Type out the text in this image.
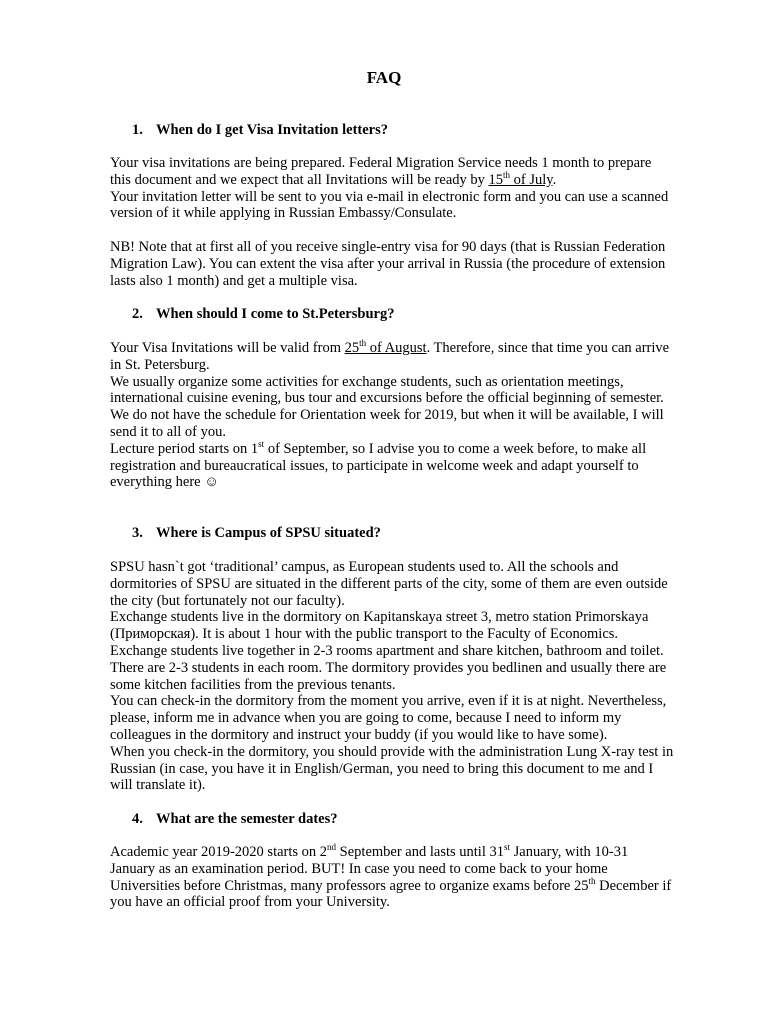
FAQ
1. When do I get Visa Invitation letters?
Your visa invitations are being prepared. Federal Migration Service needs 1 month to prepare
this document and we expect that all Invitations will be ready by 15th of July.
Your invitation letter will be sent to you via e-mail in electronic form and you can use a scanned
version of it while applying in Russian Embassy/Consulate.
NB! Note that at first all of you receive single-entry visa for 90 days (that is Russian Federation
Migration Law). You can extent the visa after your arrival in Russia (the procedure of extension
lasts also 1 month) and get a multiple visa.
2. When should I come to St.Petersburg?
Your Visa Invitations will be valid from 25th of August. Therefore, since that time you can arrive
in St. Petersburg.
We usually organize some activities for exchange students, such as orientation meetings,
international cuisine evening, bus tour and excursions before the official beginning of semester.
We do not have the schedule for Orientation week for 2019, but when it will be available, I will
send it to all of you.
Lecture period starts on 1st of September, so I advise you to come a week before, to make all
registration and bureaucratical issues, to participate in welcome week and adapt yourself to
everything here ☺
3. Where is Campus of SPSU situated?
SPSU hasn`t got ‘traditional’ campus, as European students used to. All the schools and
dormitories of SPSU are situated in the different parts of the city, some of them are even outside
the city (but fortunately not our faculty).
Exchange students live in the dormitory on Kapitanskaya street 3, metro station Primorskaya
(Приморская). It is about 1 hour with the public transport to the Faculty of Economics.
Exchange students live together in 2-3 rooms apartment and share kitchen, bathroom and toilet.
There are 2-3 students in each room. The dormitory provides you bedlinen and usually there are
some kitchen facilities from the previous tenants.
You can check-in the dormitory from the moment you arrive, even if it is at night. Nevertheless,
please, inform me in advance when you are going to come, because I need to inform my
colleagues in the dormitory and instruct your buddy (if you would like to have some).
When you check-in the dormitory, you should provide with the administration Lung X-ray test in
Russian (in case, you have it in English/German, you need to bring this document to me and I
will translate it).
4. What are the semester dates?
Academic year 2019-2020 starts on 2nd September and lasts until 31st January, with 10-31
January as an examination period. BUT! In case you need to come back to your home
Universities before Christmas, many professors agree to organize exams before 25th December if
you have an official proof from your University.
